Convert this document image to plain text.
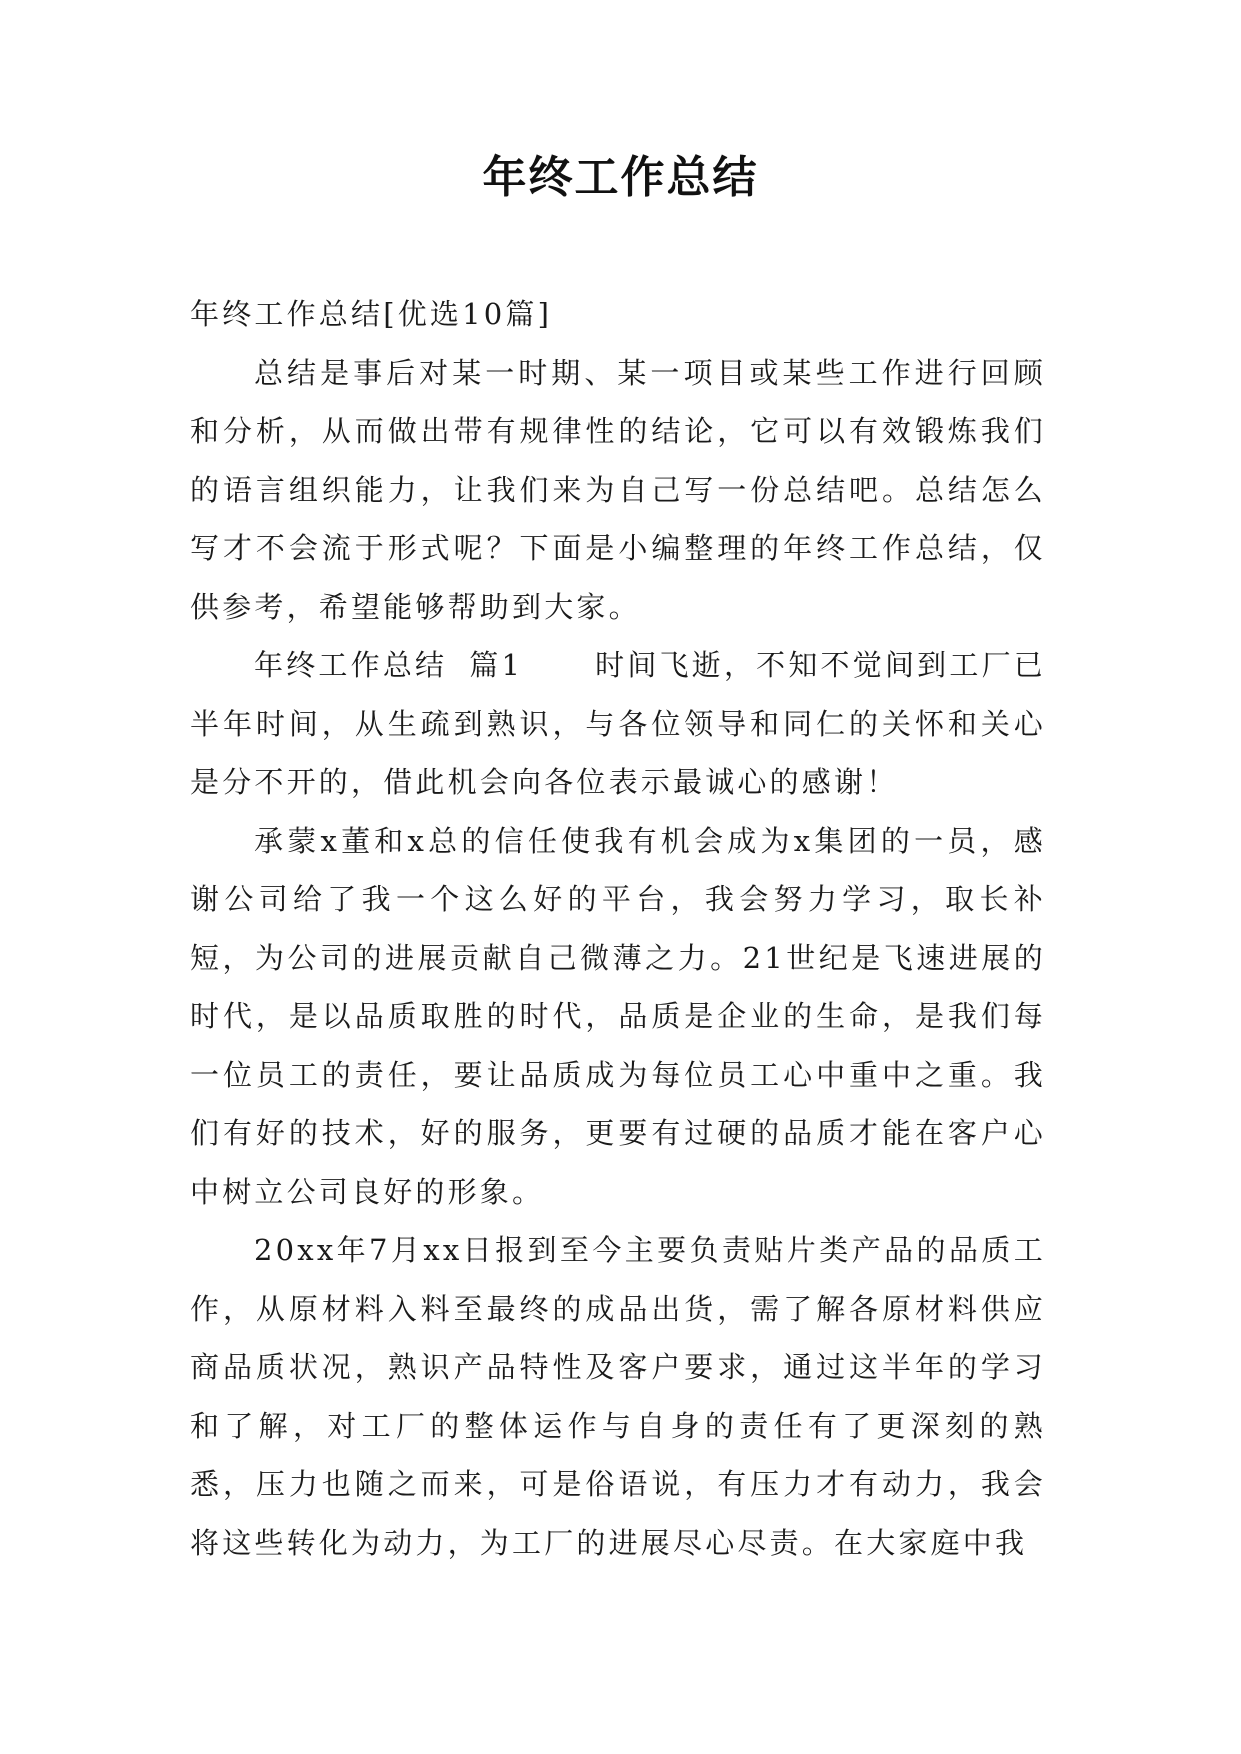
年终工作总结

年终工作总结[优选10篇]

总结是事后对某一时期、某一项目或某些工作进行回顾和分析，从而做出带有规律性的结论，它可以有效锻炼我们的语言组织能力，让我们来为自己写一份总结吧。总结怎么写才不会流于形式呢？下面是小编整理的年终工作总结，仅供参考，希望能够帮助到大家。

年终工作总结 篇1 时间飞逝，不知不觉间到工厂已半年时间，从生疏到熟识，与各位领导和同仁的关怀和关心是分不开的，借此机会向各位表示最诚心的感谢！

承蒙x董和x总的信任使我有机会成为x集团的一员，感谢公司给了我一个这么好的平台，我会努力学习，取长补短，为公司的进展贡献自己微薄之力。21世纪是飞速进展的时代，是以品质取胜的时代，品质是企业的生命，是我们每一位员工的责任，要让品质成为每位员工心中重中之重。我们有好的技术，好的服务，更要有过硬的品质才能在客户心中树立公司良好的形象。

20xx年7月xx日报到至今主要负责贴片类产品的品质工作，从原材料入料至最终的成品出货，需了解各原材料供应商品质状况，熟识产品特性及客户要求，通过这半年的学习和了解，对工厂的整体运作与自身的责任有了更深刻的熟悉，压力也随之而来，可是俗语说，有压力才有动力，我会将这些转化为动力，为工厂的进展尽心尽责。在大家庭中我
